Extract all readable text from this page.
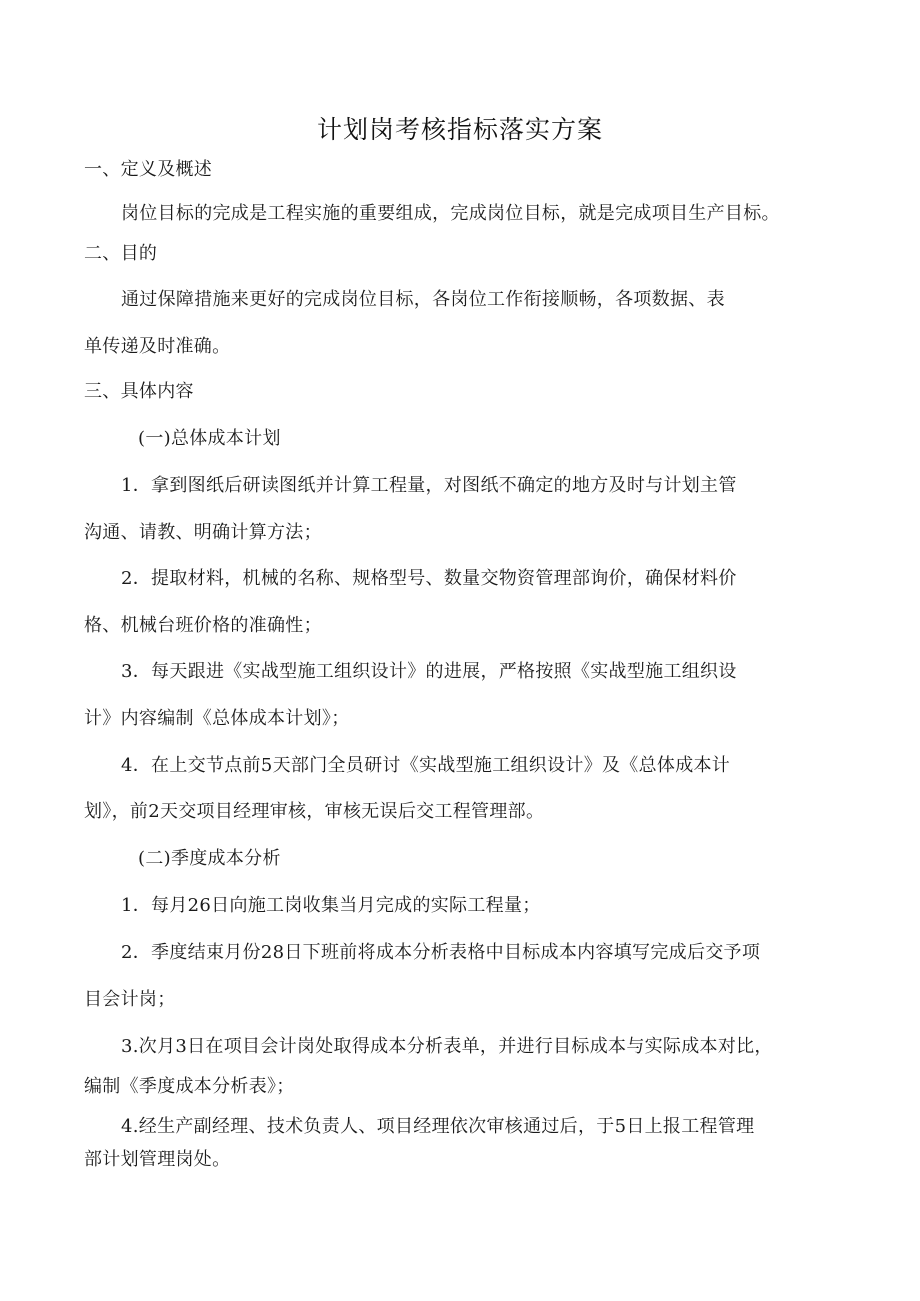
计划岗考核指标落实方案
一、定义及概述
岗位目标的完成是工程实施的重要组成，完成岗位目标，就是完成项目生产目标。
二、目的
通过保障措施来更好的完成岗位目标，各岗位工作衔接顺畅，各项数据、表
单传递及时准确。
三、具体内容
(一)总体成本计划
1．拿到图纸后研读图纸并计算工程量，对图纸不确定的地方及时与计划主管
沟通、请教、明确计算方法；
2．提取材料，机械的名称、规格型号、数量交物资管理部询价，确保材料价
格、机械台班价格的准确性；
3．每天跟进《实战型施工组织设计》的进展，严格按照《实战型施工组织设
计》内容编制《总体成本计划》；
4．在上交节点前5天部门全员研讨《实战型施工组织设计》及《总体成本计
划》，前2天交项目经理审核，审核无误后交工程管理部。
(二)季度成本分析
1．每月26日向施工岗收集当月完成的实际工程量；
2．季度结束月份28日下班前将成本分析表格中目标成本内容填写完成后交予项
目会计岗；
3.次月3日在项目会计岗处取得成本分析表单，并进行目标成本与实际成本对比，
编制《季度成本分析表》；
4.经生产副经理、技术负责人、项目经理依次审核通过后，于5日上报工程管理
部计划管理岗处。
